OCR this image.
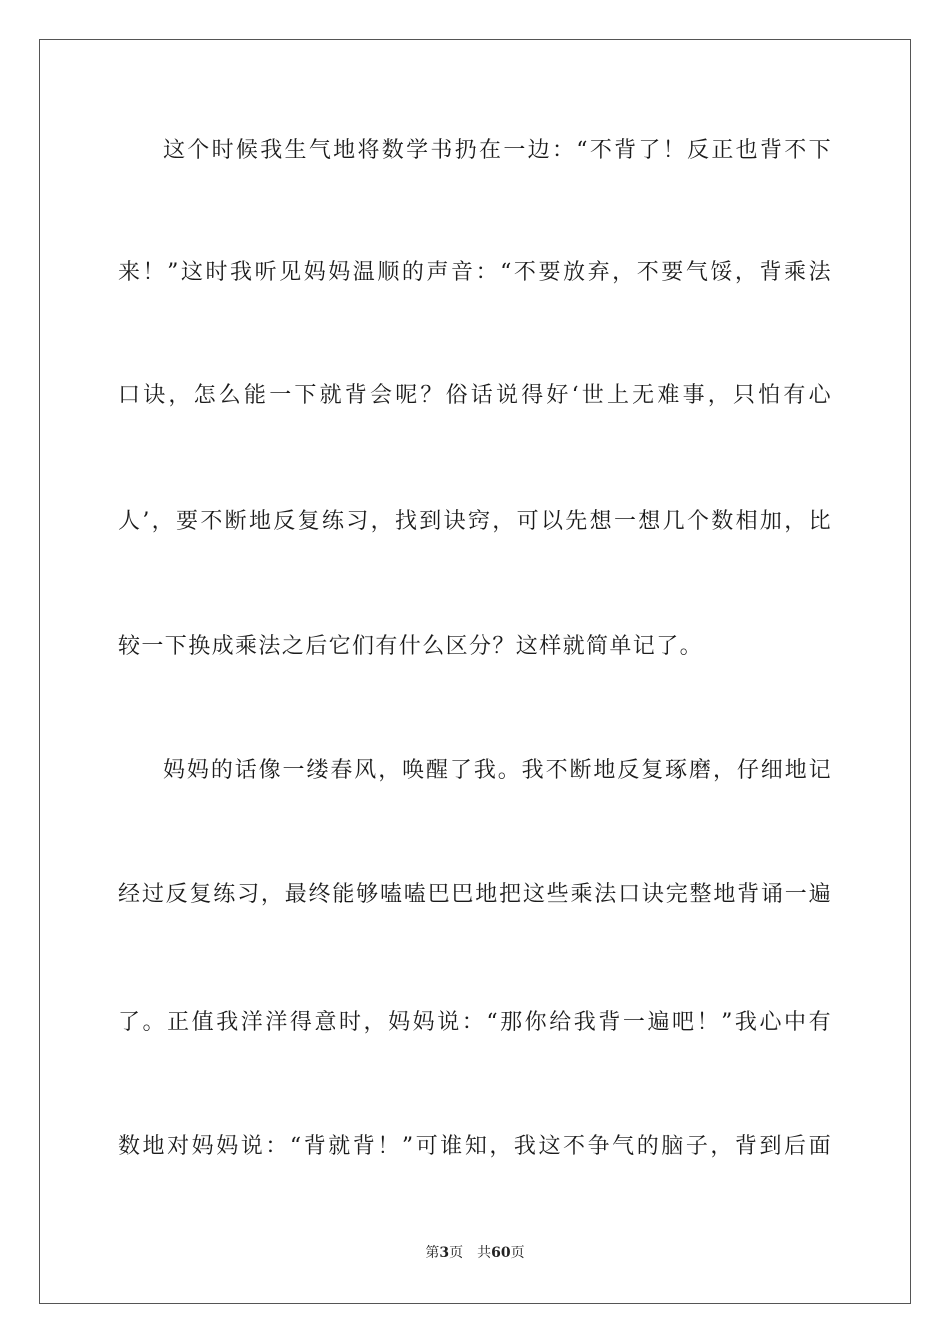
这个时候我生气地将数学书扔在一边：“不背了！反正也背不下
来！”这时我听见妈妈温顺的声音：“不要放弃，不要气馁，背乘法
口诀，怎么能一下就背会呢？俗话说得好‘世上无难事，只怕有心
人’，要不断地反复练习，找到诀窍，可以先想一想几个数相加，比
较一下换成乘法之后它们有什么区分？这样就简单记了。
妈妈的话像一缕春风，唤醒了我。我不断地反复琢磨，仔细地记
经过反复练习，最终能够嗑嗑巴巴地把这些乘法口诀完整地背诵一遍
了。正值我洋洋得意时，妈妈说：“那你给我背一遍吧！”我心中有
数地对妈妈说：“背就背！”可谁知，我这不争气的脑子，背到后面
第3页 共60页
